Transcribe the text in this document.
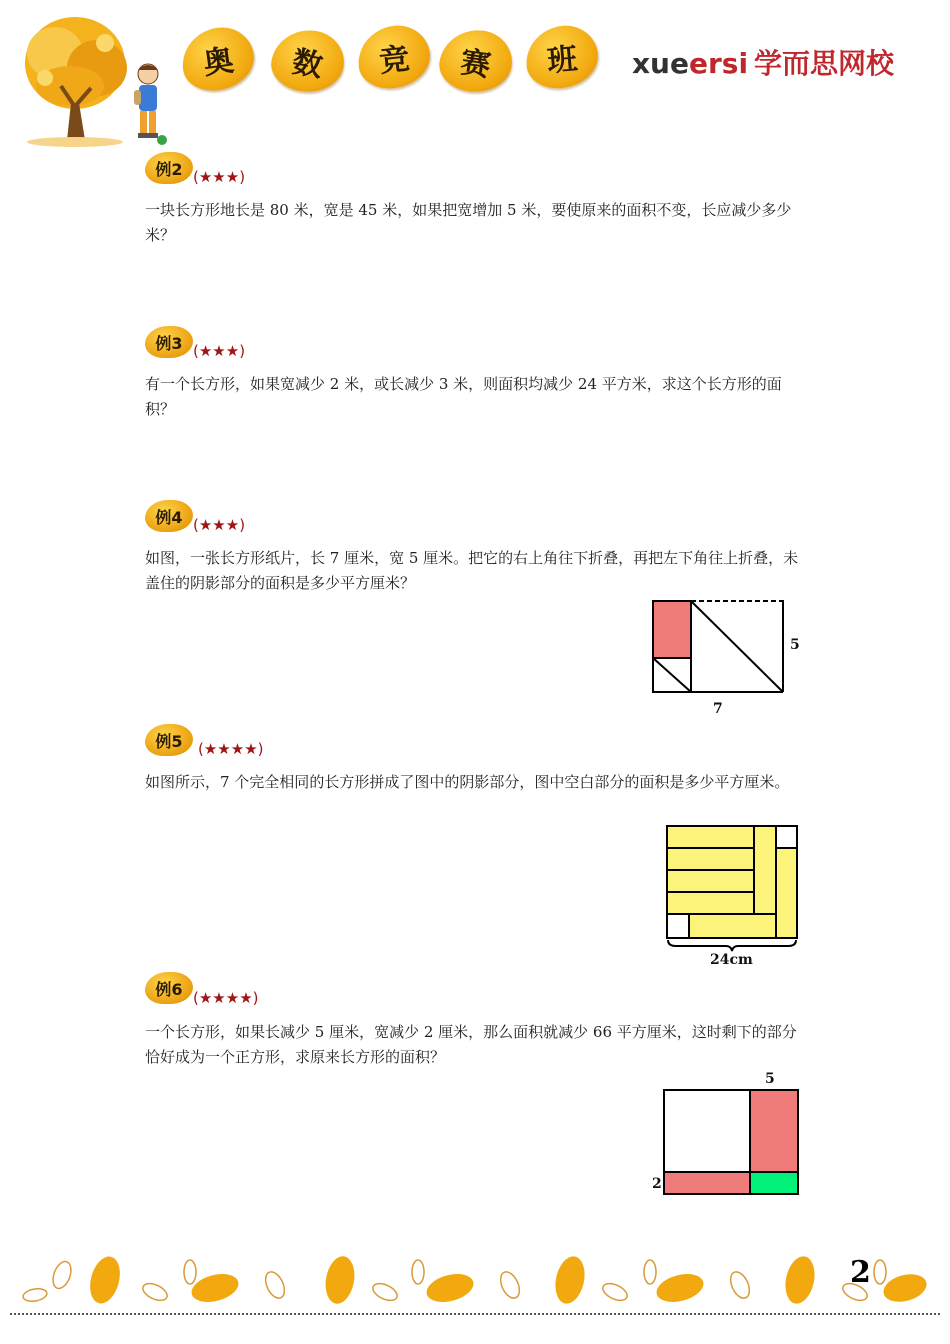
奥 数 竞 赛 班 xueersi 学而思网校
例2 (★★★)
一块长方形地长是 80 米，宽是 45 米，如果把宽增加 5 米，要使原来的面积不变，长应减少多少米？
例3 (★★★)
有一个长方形，如果宽减少 2 米，或长减少 3 米，则面积均减少 24 平方米，求这个长方形的面积？
例4 (★★★)
如图，一张长方形纸片，长 7 厘米，宽 5 厘米。把它的右上角往下折叠，再把左下角往上折叠，未盖住的阴影部分的面积是多少平方厘米？
5
7
例5 (★★★★)
如图所示，7 个完全相同的长方形拼成了图中的阴影部分，图中空白部分的面积是多少平方厘米。
24cm
例6 (★★★★)
一个长方形，如果长减少 5 厘米，宽减少 2 厘米，那么面积就减少 66 平方厘米，这时剩下的部分恰好成为一个正方形，求原来长方形的面积？
5
2
2
